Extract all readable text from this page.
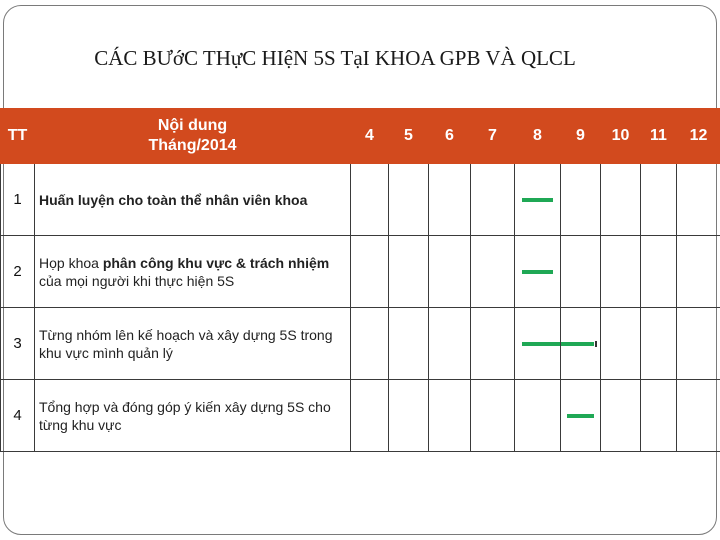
CÁC BƯớC THựC HIệN 5S TạI KHOA GPB VÀ QLCL
TT	Nội dung
Tháng/2014	4	5	6	7	8	9	10	11	12
1	Huấn luyện cho toàn thể nhân viên khoa					

2	Họp khoa phân công khu vực & trách nhiệm của mọi người khi thực hiện 5S					

3	Từng nhóm lên kế hoạch và xây dựng 5S trong khu vực mình quản lý					

4	Tổng hợp và đóng góp ý kiến xây dựng 5S cho từng khu vực						
